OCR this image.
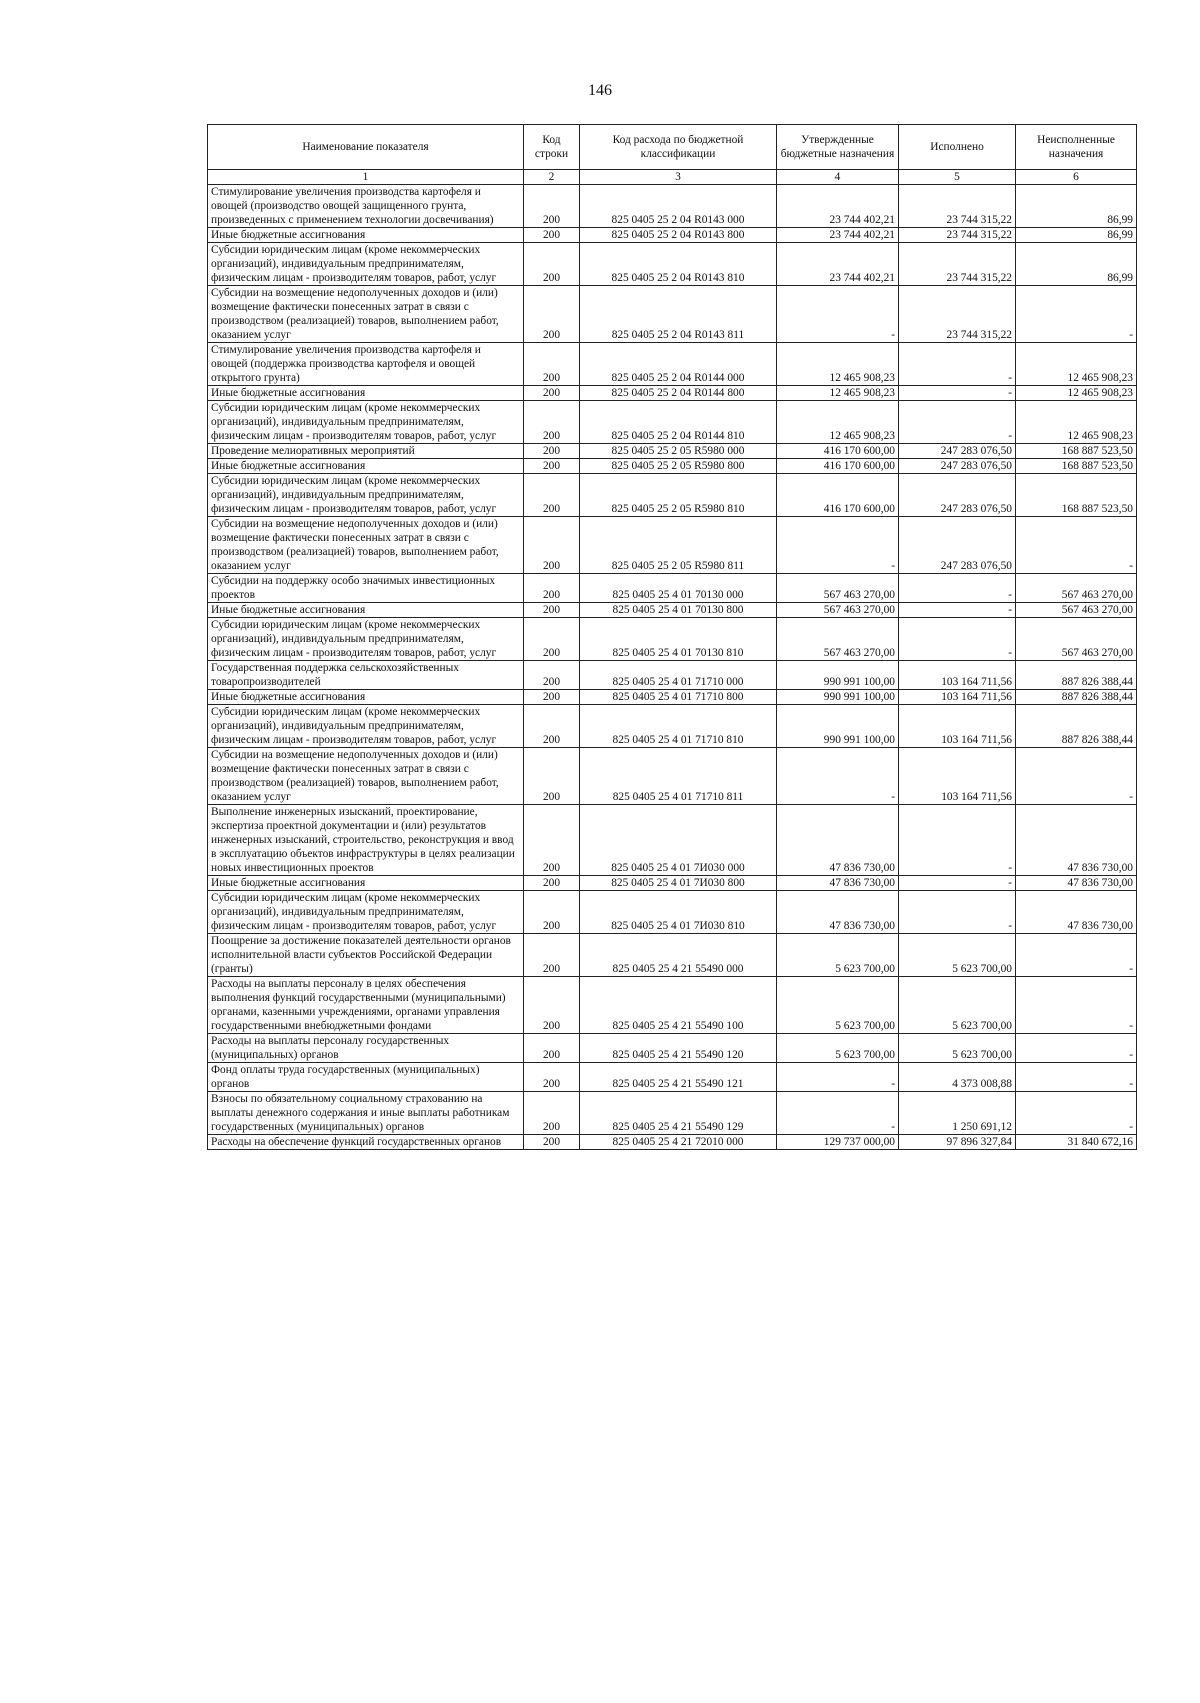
146
Наименование показателя	Код строки	Код расхода по бюджетной классификации	Утвержденные бюджетные назначения	Исполнено	Неисполненные назначения
1	2	3	4	5	6
Стимулирование увеличения производства картофеля и овощей (производство овощей защищенного грунта, произведенных с применением технологии досвечивания)	200	825 0405 25 2 04 R0143 000	23 744 402,21	23 744 315,22	86,99
Иные бюджетные ассигнования	200	825 0405 25 2 04 R0143 800	23 744 402,21	23 744 315,22	86,99
Субсидии юридическим лицам (кроме некоммерческих организаций), индивидуальным предпринимателям, физическим лицам - производителям товаров, работ, услуг	200	825 0405 25 2 04 R0143 810	23 744 402,21	23 744 315,22	86,99
Субсидии на возмещение недополученных доходов и (или) возмещение фактически понесенных затрат в связи с производством (реализацией) товаров, выполнением работ, оказанием услуг	200	825 0405 25 2 04 R0143 811	-	23 744 315,22	-
Стимулирование увеличения производства картофеля и овощей (поддержка производства картофеля и овощей открытого грунта)	200	825 0405 25 2 04 R0144 000	12 465 908,23	-	12 465 908,23
Иные бюджетные ассигнования	200	825 0405 25 2 04 R0144 800	12 465 908,23	-	12 465 908,23
Субсидии юридическим лицам (кроме некоммерческих организаций), индивидуальным предпринимателям, физическим лицам - производителям товаров, работ, услуг	200	825 0405 25 2 04 R0144 810	12 465 908,23	-	12 465 908,23
Проведение мелиоративных мероприятий	200	825 0405 25 2 05 R5980 000	416 170 600,00	247 283 076,50	168 887 523,50
Иные бюджетные ассигнования	200	825 0405 25 2 05 R5980 800	416 170 600,00	247 283 076,50	168 887 523,50
Субсидии юридическим лицам (кроме некоммерческих организаций), индивидуальным предпринимателям, физическим лицам - производителям товаров, работ, услуг	200	825 0405 25 2 05 R5980 810	416 170 600,00	247 283 076,50	168 887 523,50
Субсидии на возмещение недополученных доходов и (или) возмещение фактически понесенных затрат в связи с производством (реализацией) товаров, выполнением работ, оказанием услуг	200	825 0405 25 2 05 R5980 811	-	247 283 076,50	-
Субсидии на поддержку особо значимых инвестиционных проектов	200	825 0405 25 4 01 70130 000	567 463 270,00	-	567 463 270,00
Иные бюджетные ассигнования	200	825 0405 25 4 01 70130 800	567 463 270,00	-	567 463 270,00
Субсидии юридическим лицам (кроме некоммерческих организаций), индивидуальным предпринимателям, физическим лицам - производителям товаров, работ, услуг	200	825 0405 25 4 01 70130 810	567 463 270,00	-	567 463 270,00
Государственная поддержка сельскохозяйственных товаропроизводителей	200	825 0405 25 4 01 71710 000	990 991 100,00	103 164 711,56	887 826 388,44
Иные бюджетные ассигнования	200	825 0405 25 4 01 71710 800	990 991 100,00	103 164 711,56	887 826 388,44
Субсидии юридическим лицам (кроме некоммерческих организаций), индивидуальным предпринимателям, физическим лицам - производителям товаров, работ, услуг	200	825 0405 25 4 01 71710 810	990 991 100,00	103 164 711,56	887 826 388,44
Субсидии на возмещение недополученных доходов и (или) возмещение фактически понесенных затрат в связи с производством (реализацией) товаров, выполнением работ, оказанием услуг	200	825 0405 25 4 01 71710 811	-	103 164 711,56	-
Выполнение инженерных изысканий, проектирование, экспертиза проектной документации и (или) результатов инженерных изысканий, строительство, реконструкция и ввод в эксплуатацию объектов инфраструктуры в целях реализации новых инвестиционных проектов	200	825 0405 25 4 01 7И030 000	47 836 730,00	-	47 836 730,00
Иные бюджетные ассигнования	200	825 0405 25 4 01 7И030 800	47 836 730,00	-	47 836 730,00
Субсидии юридическим лицам (кроме некоммерческих организаций), индивидуальным предпринимателям, физическим лицам - производителям товаров, работ, услуг	200	825 0405 25 4 01 7И030 810	47 836 730,00	-	47 836 730,00
Поощрение за достижение показателей деятельности органов исполнительной власти субъектов Российской Федерации (гранты)	200	825 0405 25 4 21 55490 000	5 623 700,00	5 623 700,00	-
Расходы на выплаты персоналу в целях обеспечения выполнения функций государственными (муниципальными) органами, казенными учреждениями, органами управления государственными внебюджетными фондами	200	825 0405 25 4 21 55490 100	5 623 700,00	5 623 700,00	-
Расходы на выплаты персоналу государственных (муниципальных) органов	200	825 0405 25 4 21 55490 120	5 623 700,00	5 623 700,00	-
Фонд оплаты труда государственных (муниципальных) органов	200	825 0405 25 4 21 55490 121	-	4 373 008,88	-
Взносы по обязательному социальному страхованию на выплаты денежного содержания и иные выплаты работникам государственных (муниципальных) органов	200	825 0405 25 4 21 55490 129	-	1 250 691,12	-
Расходы на обеспечение функций государственных органов	200	825 0405 25 4 21 72010 000	129 737 000,00	97 896 327,84	31 840 672,16
